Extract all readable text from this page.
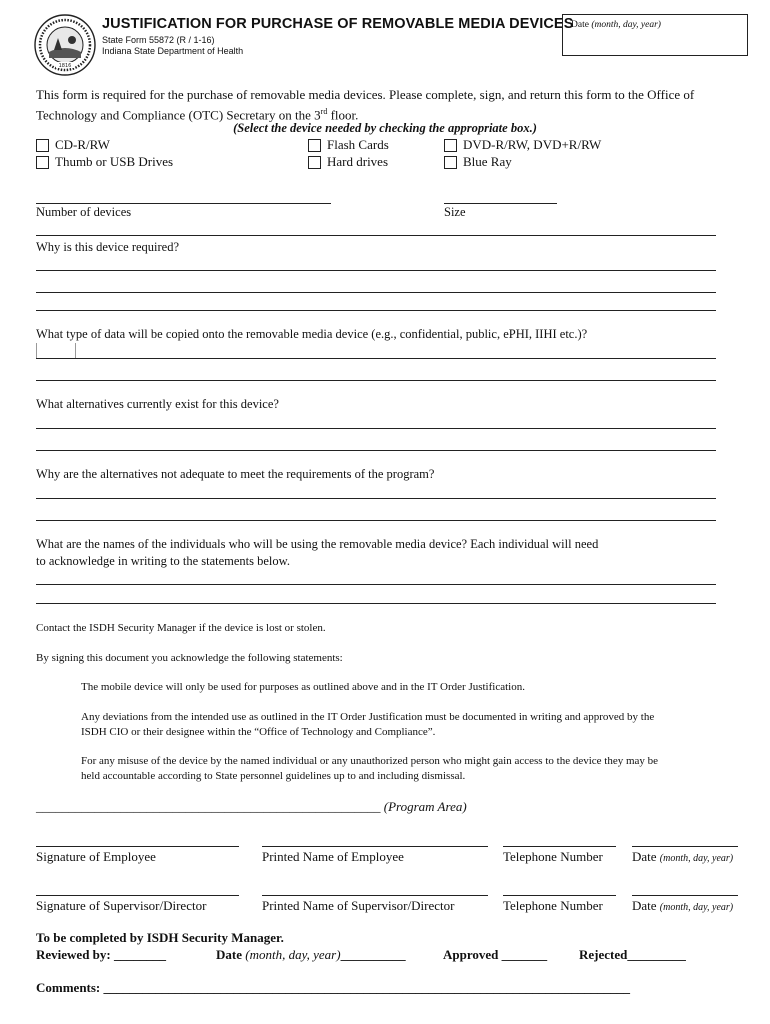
1816
JUSTIFICATION FOR PURCHASE OF REMOVABLE MEDIA DEVICES
State Form 55872 (R / 1-16)
Indiana State Department of Health
Date (month, day, year)
This form is required for the purchase of removable media devices. Please complete, sign, and return this form to the Office of Technology and Compliance (OTC) Secretary on the 3rd floor.
(Select the device needed by checking the appropriate box.)
CD-R/RW
Thumb or USB Drives
Flash Cards
Hard drives
DVD-R/RW, DVD+R/RW
Blue Ray
Number of devices	Size
Why is this device required?
What type of data will be copied onto the removable media device (e.g., confidential, public, ePHI, IIHI etc.)?
What alternatives currently exist for this device?
Why are the alternatives not adequate to meet the requirements of the program?
What are the names of the individuals who will be using the removable media device? Each individual will need
to acknowledge in writing to the statements below.
Contact the ISDH Security Manager if the device is lost or stolen.
By signing this document you acknowledge the following statements:
The mobile device will only be used for purposes as outlined above and in the IT Order Justification.
Any deviations from the intended use as outlined in the IT Order Justification must be documented in writing and approved by the
ISDH CIO or their designee within the “Office of Technology and Compliance”.
For any misuse of the device by the named individual or any unauthorized person who might gain access to the device they may be
held accountable according to State personnel guidelines up to and including dismissal.
_____________________________________________________ (Program Area)
Signature of Employee	Printed Name of Employee	Telephone Number Date (month, day, year)
Signature of Supervisor/Director	Printed Name of Supervisor/Director	Telephone Number Date (month, day, year)
To be completed by ISDH Security Manager.
Reviewed by: ________	Date (month, day, year)__________	Approved _______ Rejected_________
Comments: _________________________________________________________________________________
